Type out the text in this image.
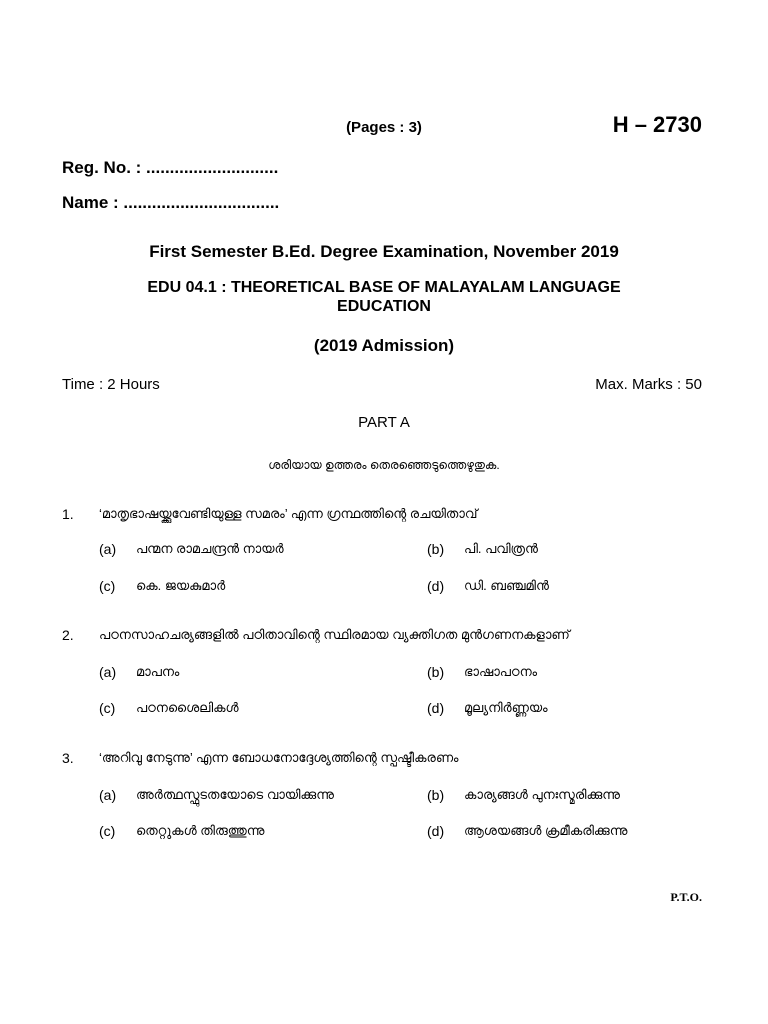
(Pages : 3)	H – 2730
Reg. No. : ............................
Name : .................................
First Semester B.Ed. Degree Examination, November 2019
EDU 04.1 : THEORETICAL BASE OF MALAYALAM LANGUAGE EDUCATION
(2019 Admission)
Time : 2 Hours	Max. Marks : 50
PART A
ശരിയായ ഉത്തരം തെരഞ്ഞെടുത്തെഴുതുക.
1. ‘മാതൃഭാഷയ്ക്കുവേണ്ടിയുള്ള സമരം’ എന്ന ഗ്രന്ഥത്തിന്റെ രചയിതാവ്
(a) പന്മന രാമചന്ദ്രൻ നായർ	(b) പി. പവിത്രൻ
(c) കെ. ജയകുമാർ	(d) ഡി. ബഞ്ചമിൻ
2. പഠനസാഹചര്യങ്ങളിൽ പഠിതാവിന്റെ സ്ഥിരമായ വ്യക്തിഗത മുൻഗണനകളാണ്
(a) മാപനം	(b) ഭാഷാപഠനം
(c) പഠനശൈലികൾ	(d) മൂല്യനിർണ്ണയം
3. ‘അറിവു നേടുന്നു’ എന്ന ബോധനോദ്ദേശ്യത്തിന്റെ സ്പഷ്ടീകരണം
(a) അർത്ഥസ്ഫുടതയോടെ വായിക്കുന്നു	(b) കാര്യങ്ങൾ പുനഃസ്മരിക്കുന്നു
(c) തെറ്റുകൾ തിരുത്തുന്നു	(d) ആശയങ്ങൾ ക്രമീകരിക്കുന്നു
P.T.O.
